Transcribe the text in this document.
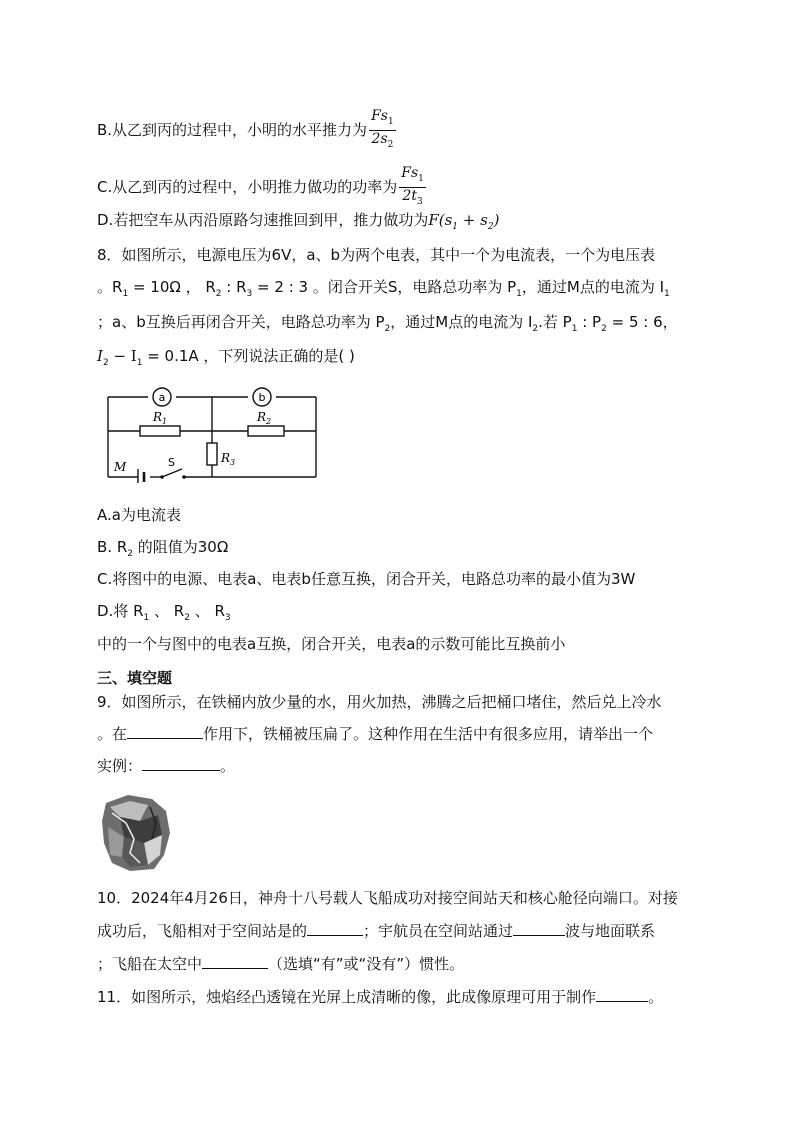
B.从乙到丙的过程中，小明的水平推力为 $\frac{Fs_1}{2s_2}$
C.从乙到丙的过程中，小明推力做功的功率为 $\frac{Fs_1}{2t_3}$
D.若把空车从丙沿原路匀速推回到甲，推力做功为$F(s_1 + s_2)$
8．如图所示，电源电压为6V，a、b为两个电表，其中一个为电流表，一个为电压表
。$R_1 = 10\Omega$ ， $R_2$ : $R_3 = 2$ : 3 。闭合开关S，电路总功率为 $P_1$，通过M点的电流为 $I_1$
；a、b互换后再闭合开关，电路总功率为 $P_2$，通过M点的电流为 $I_2$.若 $P_1$ : $P_2 = 5$ : 6，
$I_2 - I_1 = 0.1A$ ，下列说法正确的是( )
a	b
$R_1$	$R_2$
$R_3$
M	S
A.a为电流表
B. $R_2$ 的阻值为30Ω
C.将图中的电源、电表a、电表b任意互换，闭合开关，电路总功率的最小值为3W
D.将 $R_1$ 、 $R_2$ 、 $R_3$
中的一个与图中的电表a互换，闭合开关，电表a的示数可能比互换前小
三、填空题
9．如图所示，在铁桶内放少量的水，用火加热，沸腾之后把桶口堵住，然后兑上冷水
。在	作用下，铁桶被压扁了。这种作用在生活中有很多应用，请举出一个
实例：	。
10．2024年4月26日，神舟十八号载人飞船成功对接空间站天和核心舱径向端口。对接
成功后，飞船相对于空间站是的	；宇航员在空间站通过	波与地面联系
；飞船在太空中	（选填“有”或“没有”）惯性。
11．如图所示，烛焰经凸透镜在光屏上成清晰的像，此成像原理可用于制作	。
